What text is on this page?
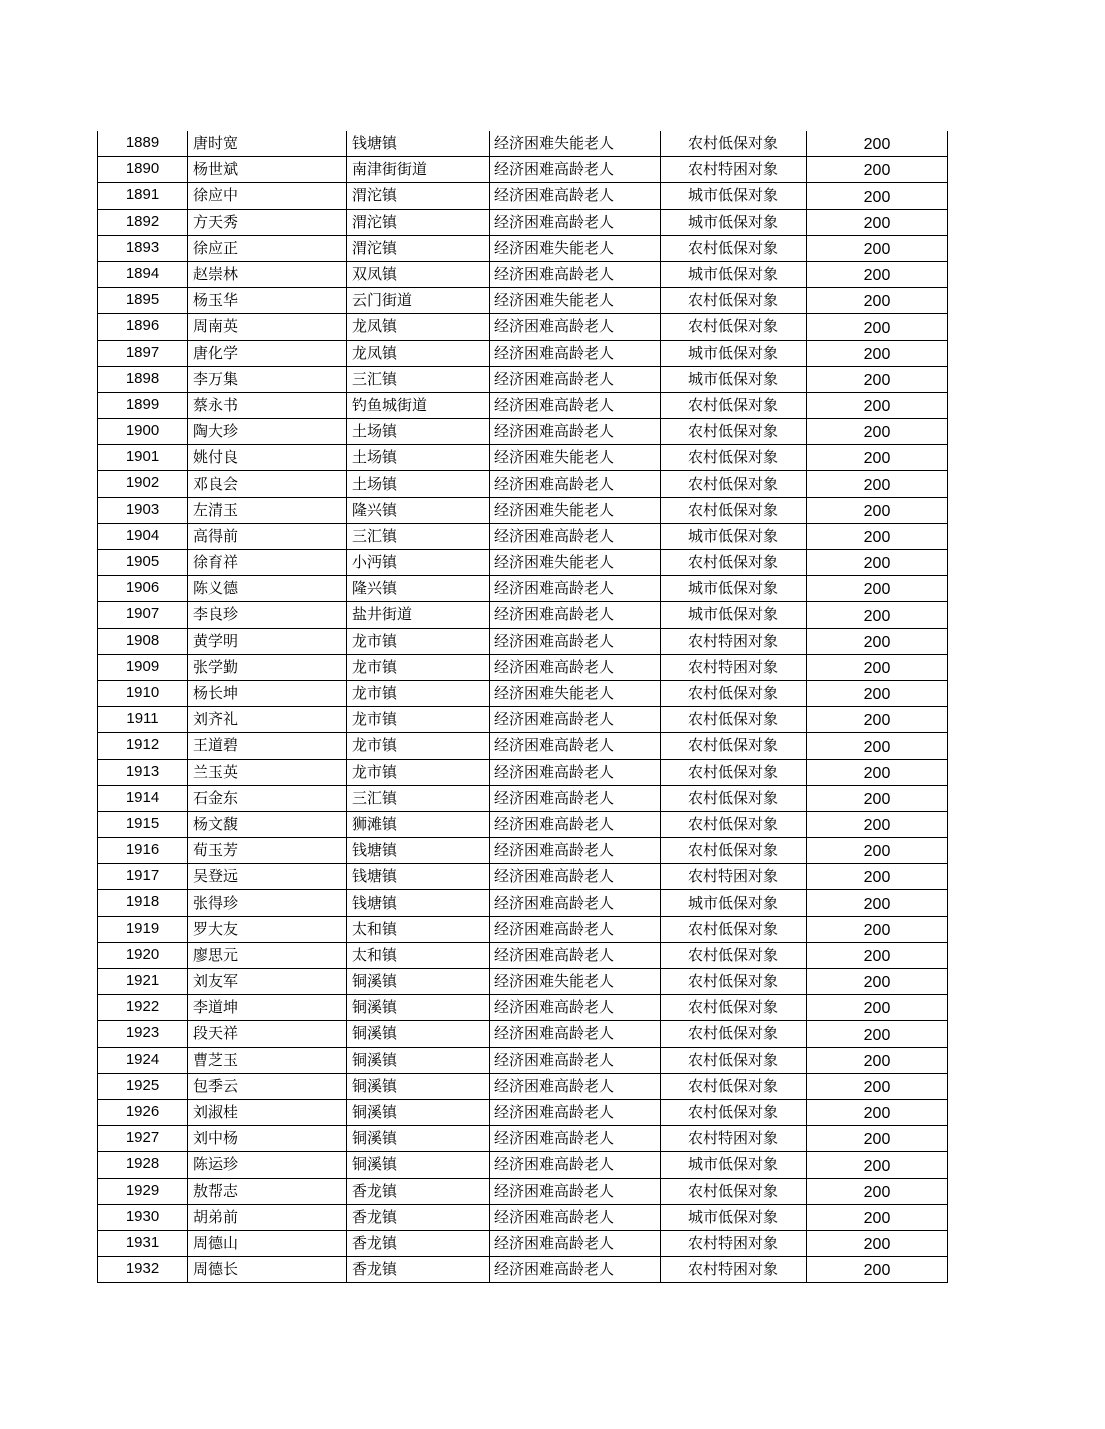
1889	唐时宽	钱塘镇	经济困难失能老人	农村低保对象	200
1890	杨世斌	南津街街道	经济困难高龄老人	农村特困对象	200
1891	徐应中	渭沱镇	经济困难高龄老人	城市低保对象	200
1892	方天秀	渭沱镇	经济困难高龄老人	城市低保对象	200
1893	徐应正	渭沱镇	经济困难失能老人	农村低保对象	200
1894	赵崇林	双凤镇	经济困难高龄老人	城市低保对象	200
1895	杨玉华	云门街道	经济困难失能老人	农村低保对象	200
1896	周南英	龙凤镇	经济困难高龄老人	农村低保对象	200
1897	唐化学	龙凤镇	经济困难高龄老人	城市低保对象	200
1898	李万集	三汇镇	经济困难高龄老人	城市低保对象	200
1899	蔡永书	钓鱼城街道	经济困难高龄老人	农村低保对象	200
1900	陶大珍	土场镇	经济困难高龄老人	农村低保对象	200
1901	姚付良	土场镇	经济困难失能老人	农村低保对象	200
1902	邓良会	土场镇	经济困难高龄老人	农村低保对象	200
1903	左清玉	隆兴镇	经济困难失能老人	农村低保对象	200
1904	高得前	三汇镇	经济困难高龄老人	城市低保对象	200
1905	徐育祥	小沔镇	经济困难失能老人	农村低保对象	200
1906	陈义德	隆兴镇	经济困难高龄老人	城市低保对象	200
1907	李良珍	盐井街道	经济困难高龄老人	城市低保对象	200
1908	黄学明	龙市镇	经济困难高龄老人	农村特困对象	200
1909	张学勤	龙市镇	经济困难高龄老人	农村特困对象	200
1910	杨长坤	龙市镇	经济困难失能老人	农村低保对象	200
1911	刘齐礼	龙市镇	经济困难高龄老人	农村低保对象	200
1912	王道碧	龙市镇	经济困难高龄老人	农村低保对象	200
1913	兰玉英	龙市镇	经济困难高龄老人	农村低保对象	200
1914	石金东	三汇镇	经济困难高龄老人	农村低保对象	200
1915	杨文馥	狮滩镇	经济困难高龄老人	农村低保对象	200
1916	荀玉芳	钱塘镇	经济困难高龄老人	农村低保对象	200
1917	吴登远	钱塘镇	经济困难高龄老人	农村特困对象	200
1918	张得珍	钱塘镇	经济困难高龄老人	城市低保对象	200
1919	罗大友	太和镇	经济困难高龄老人	农村低保对象	200
1920	廖思元	太和镇	经济困难高龄老人	农村低保对象	200
1921	刘友军	铜溪镇	经济困难失能老人	农村低保对象	200
1922	李道坤	铜溪镇	经济困难高龄老人	农村低保对象	200
1923	段天祥	铜溪镇	经济困难高龄老人	农村低保对象	200
1924	曹芝玉	铜溪镇	经济困难高龄老人	农村低保对象	200
1925	包季云	铜溪镇	经济困难高龄老人	农村低保对象	200
1926	刘淑桂	铜溪镇	经济困难高龄老人	农村低保对象	200
1927	刘中杨	铜溪镇	经济困难高龄老人	农村特困对象	200
1928	陈运珍	铜溪镇	经济困难高龄老人	城市低保对象	200
1929	敖帮志	香龙镇	经济困难高龄老人	农村低保对象	200
1930	胡弟前	香龙镇	经济困难高龄老人	城市低保对象	200
1931	周德山	香龙镇	经济困难高龄老人	农村特困对象	200
1932	周德长	香龙镇	经济困难高龄老人	农村特困对象	200
